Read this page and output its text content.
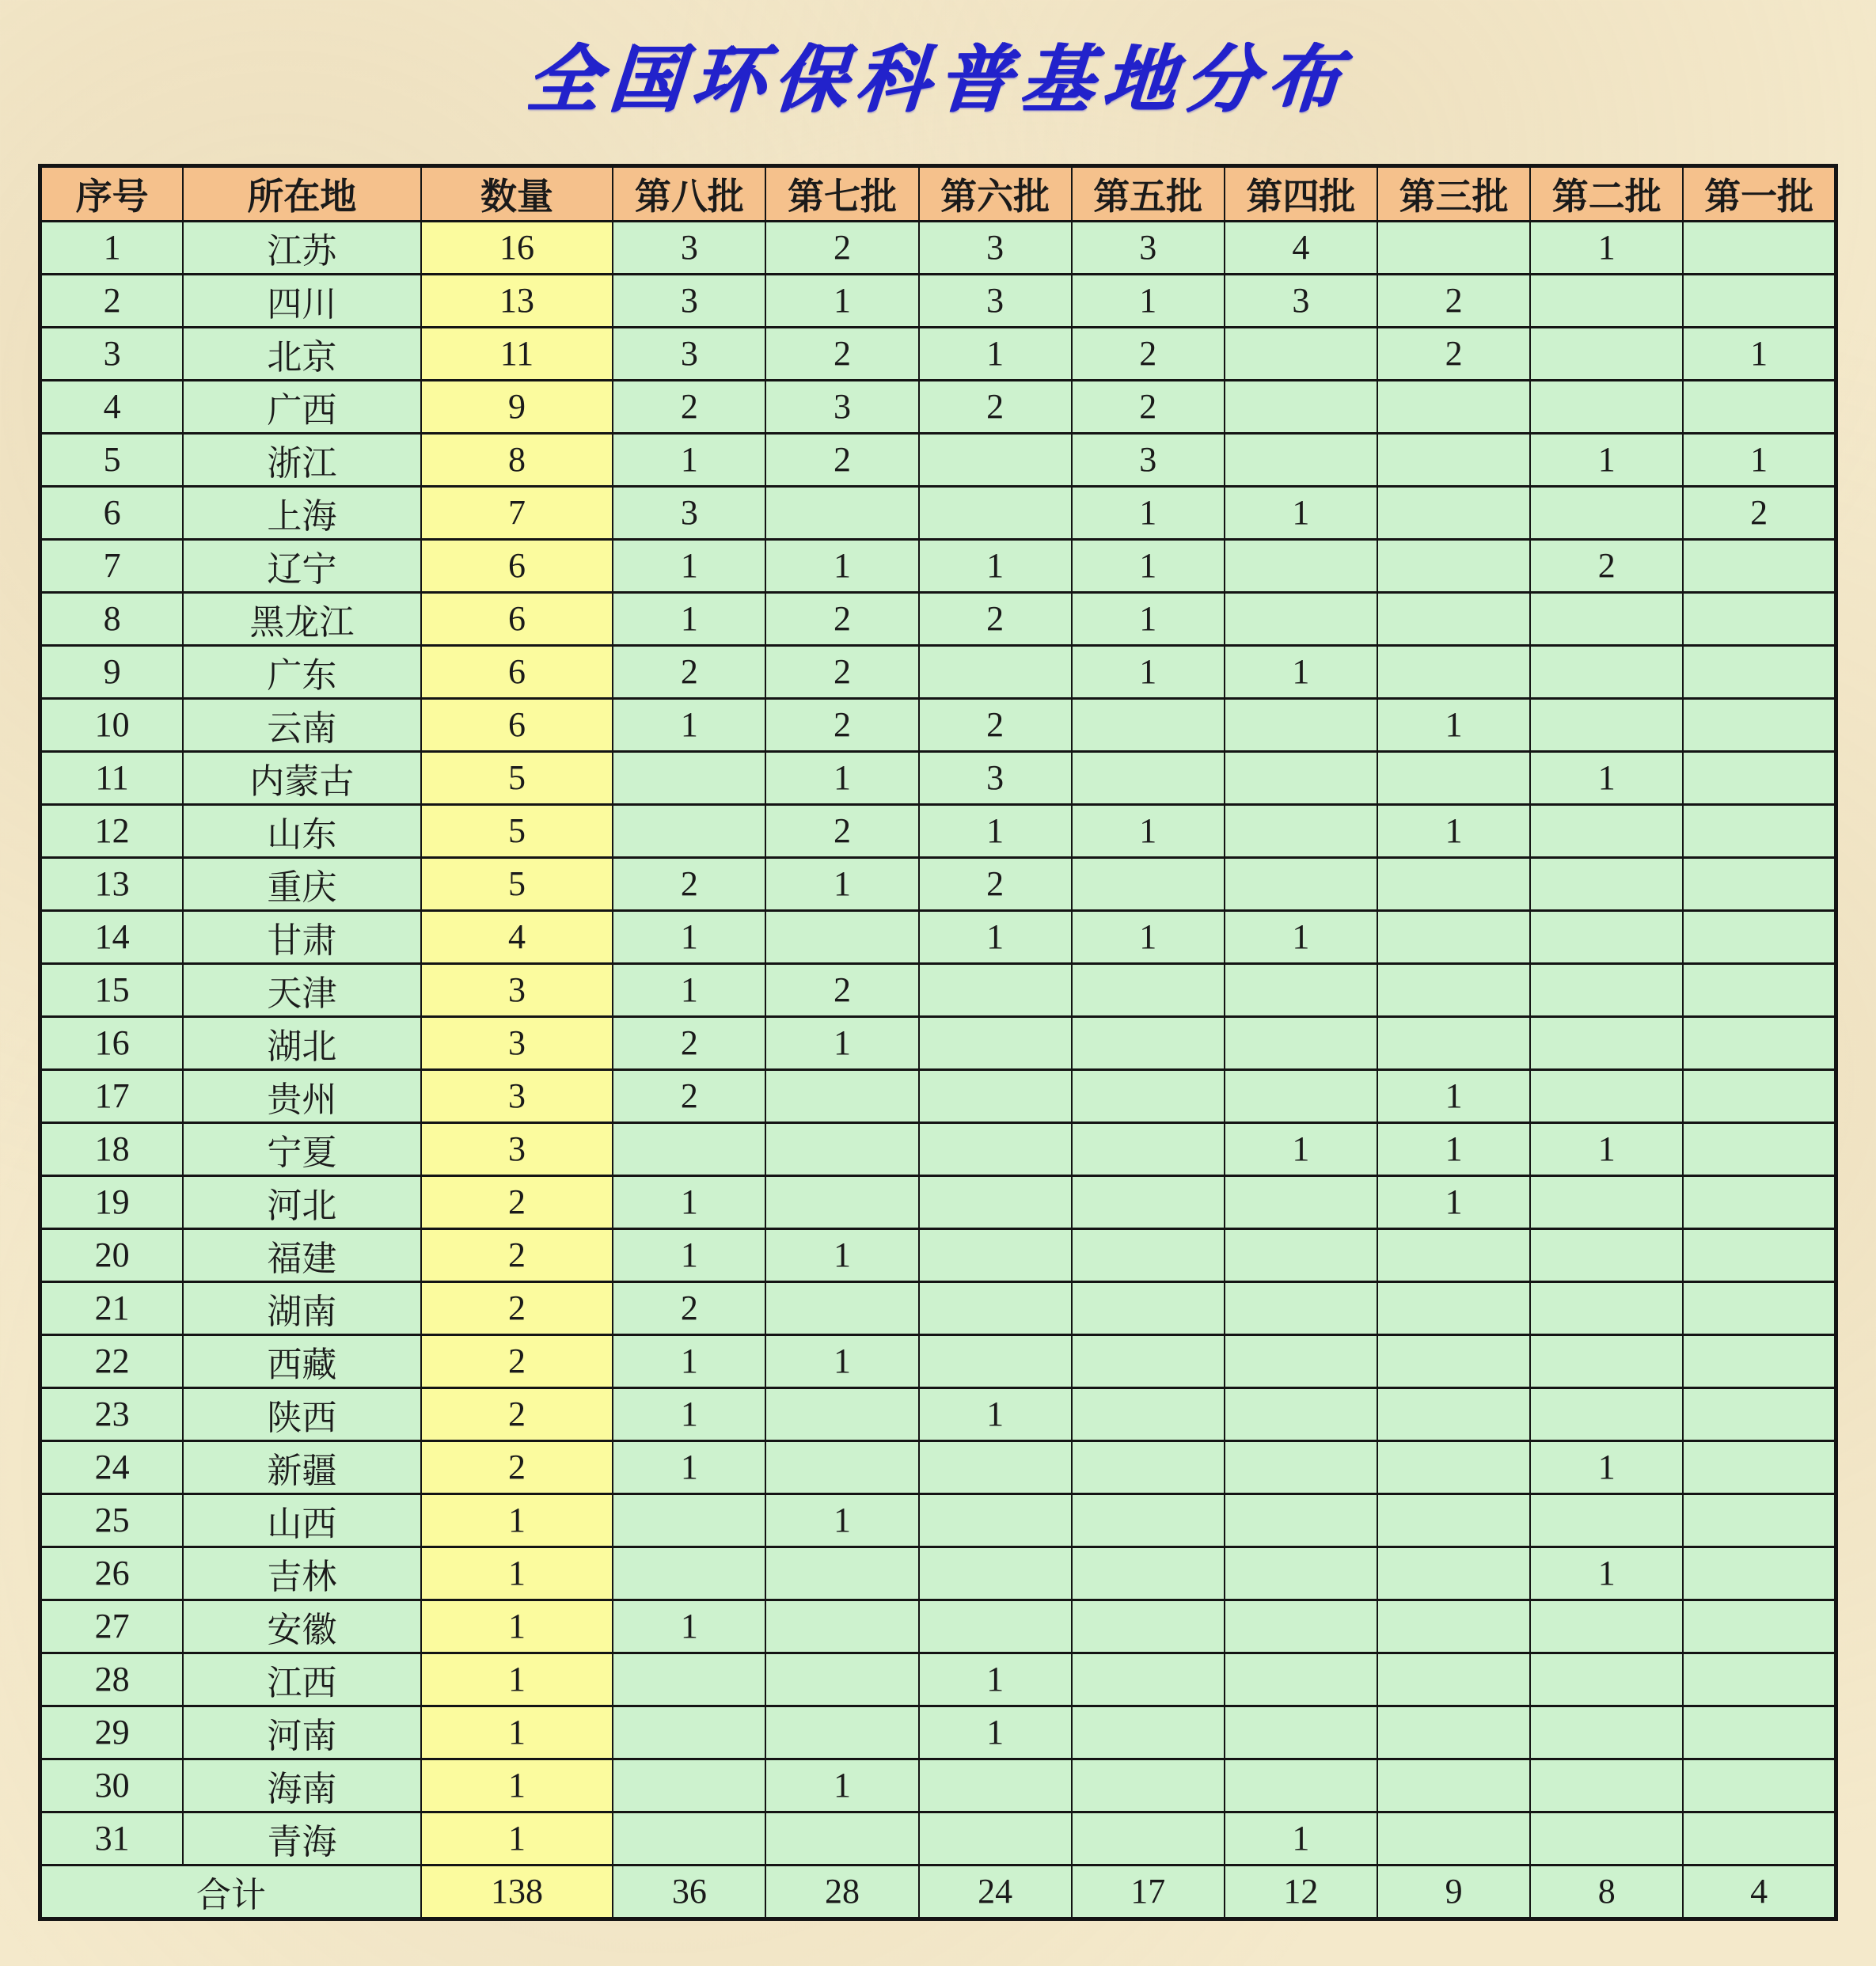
全国环保科普基地分布
序号	所在地	数量	第八批	第七批	第六批	第五批	第四批	第三批	第二批	第一批
1	江苏	16	3	2	3	3	4		1	
2	四川	13	3	1	3	1	3	2		
3	北京	11	3	2	1	2		2		1
4	广西	9	2	3	2	2				
5	浙江	8	1	2		3			1	1
6	上海	7	3			1	1			2
7	辽宁	6	1	1	1	1			2	
8	黑龙江	6	1	2	2	1				
9	广东	6	2	2		1	1			
10	云南	6	1	2	2			1		
11	内蒙古	5		1	3				1	
12	山东	5		2	1	1		1		
13	重庆	5	2	1	2					
14	甘肃	4	1		1	1	1			
15	天津	3	1	2						
16	湖北	3	2	1						
17	贵州	3	2					1		
18	宁夏	3					1	1	1	
19	河北	2	1					1		
20	福建	2	1	1						
21	湖南	2	2							
22	西藏	2	1	1						
23	陕西	2	1		1					
24	新疆	2	1						1	
25	山西	1		1						
26	吉林	1							1	
27	安徽	1	1							
28	江西	1			1					
29	河南	1			1					
30	海南	1		1						
31	青海	1					1			
合计		138	36	28	24	17	12	9	8	4
